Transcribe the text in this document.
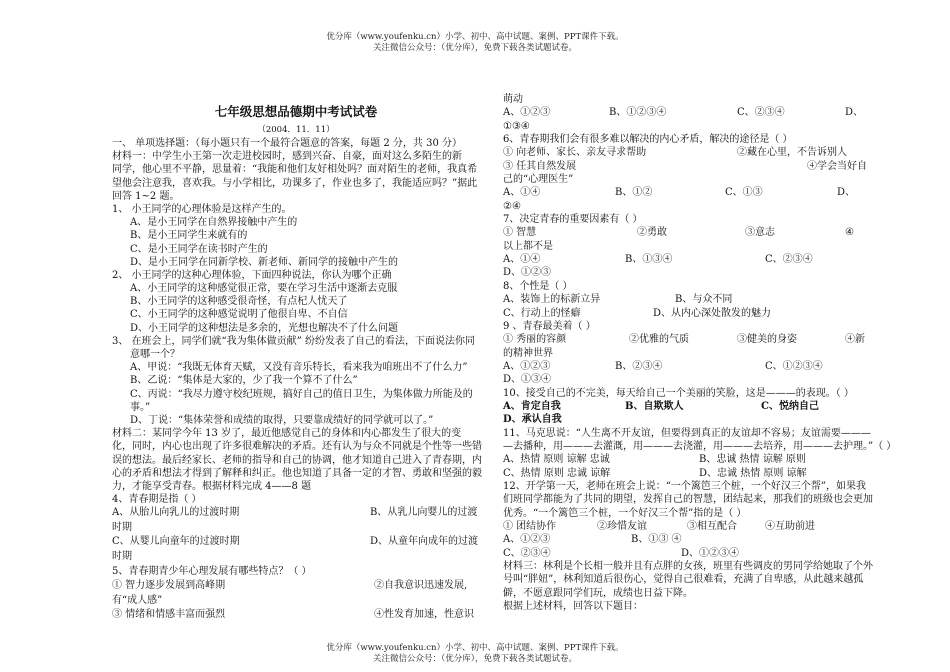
优分库（www.youfenku.cn）小学、初中、高中试题、案例、PPT课件下载。
关注微信公众号：（优分库），免费下载各类试题试卷。
七年级思想品德期中考试试卷
（2004．11．11）
一、 单项选择题：（每小题只有一个最符合题意的答案，每题 2 分，共 30 分）
材料一：中学生小王第一次走进校园时，感到兴奋、自豪，面对这么多陌生的新
同学，他心里不平静，思量着：“我能和他们友好相处吗？面对陌生的老师，我真希
望他会注意我，喜欢我。与小学相比，功课多了，作业也多了，我能适应吗？”据此
回答 1~2 题。
1、 小王同学的心理体验是这样产生的。
A、是小王同学在自然界接触中产生的
B、是小王同学生来就有的
C、是小王同学在读书时产生的
D、是小王同学在同新学校、新老师、新同学的接触中产生的
2、 小王同学的这种心理体验，下面四种说法，你认为哪个正确
A、小王同学的这种感觉很正常，要在学习生活中逐渐去克服
B、小王同学的这种感受很奇怪，有点杞人忧天了
C、小王同学的这种感觉说明了他很自卑、不自信
D、小王同学的这种想法是多余的，光想也解决不了什么问题
3、 在班会上，同学们就“我为集体做贡献” 纷纷发表了自己的看法，下面说法你同
意哪一个？
A、甲说：“我既无体育天赋，又没有音乐特长，看来我为咱班出不了什么力”
B、乙说：“集体是大家的，少了我一个算不了什么”
C、丙说：“我尽力遵守校纪班规，搞好自己的值日卫生，为集体做力所能及的
事。”
D、丁说：“集体荣誉和成绩的取得，只要靠成绩好的同学就可以了。”
材料二：某同学今年 13 岁了，最近他感觉自己的身体和内心都发生了很大的变
化，同时，内心也出现了许多很难解决的矛盾。还有认为与众不同就是个性等一些错
误的想法。最后经家长、老师的指导和自己的协调，他才知道自己进入了青春期，内
心的矛盾和想法才得到了解释和纠正。他也知道了具备一定的才智、勇敢和坚强的毅
力，才能享受青春。根据材料完成 4——8 题
4、青春期是指（ ）
A、从胎儿向乳儿的过渡时期	B、从乳儿向婴儿的过渡
时期
C、从婴儿向童年的过渡时期	D、从童年向成年的过渡
时期
5、青春期青少年心理发展有哪些特点？（ ）
① 智力逐步发展到高峰期	②自我意识迅速发展,
有“成人感”
③ 情绪和情感丰富而强烈	④性发育加速，性意识
萌动
A、①②③	B、①②③④	C、②③④	D、
①③④
6、青春期我们会有很多难以解决的内心矛盾，解决的途径是（ ）
① 向老师、家长、亲友寻求帮助	②藏在心里，不告诉别人
③ 任其自然发展	④学会当好自
己的“心理医生”
A、①④	B、①②	C、①③	D、
②④
7、决定青春的重要因素有（ ）
① 智慧	②勇敢	③意志	④
以上都不是
A、①④	B、①③④	C、②③④
D、①②③
8、个性是（ ）
A、装饰上的标新立异	B、与众不同
C、行动上的怪癖	D、从内心深处散发的魅力
9 、青春最美着（ ）
① 秀丽的容颜	②优雅的气质	③健美的身姿	④新
的精神世界
A、①②③	B、②③④	C、①②③④
D、①③④
10、接受自己的不完美，每天给自己一个美丽的笑脸，这是———的表现。（ ）
A、肯定自我	B、自欺欺人	C、悦纳自己
D、承认自我
11、马克思说：“人生离不开友谊，但要得到真正的友谊却不容易；友谊需要———
—去播种，用———去灌溉，用———去浇灌，用———去培养，用———去护理。”（ ）
A、热情 原则 谅解 忠诚	B、忠诚 热情 谅解 原则
C、热情 原则 忠诚 谅解	D、忠诚 热情 原则 谅解
12、开学第一天，老师在班会上说：“一个篱笆三个桩，一个好汉三个帮”，如果我
们班同学都能为了共同的期望，发挥自己的智慧，团结起来，那我们的班级也会更加
优秀。“一个篱笆三个桩，一个好汉三个帮”指的是（ ）
① 团结协作	②珍惜友谊	③相互配合	④互助前进
A、①②③	B、①③ ④
C、②③④	D、①②③④
材料三：林利是个长相一般并且有点胖的女孩，班里有些调皮的男同学给她取了个外
号叫“胖妞”，林利知道后很伤心，觉得自己很难看，充满了自卑感，从此越来越孤
僻，不愿意跟同学们玩，成绩也日益下降。
根据上述材料，回答以下题目：
优分库（www.youfenku.cn）小学、初中、高中试题、案例、PPT课件下载。
关注微信公众号：（优分库），免费下载各类试题试卷。
